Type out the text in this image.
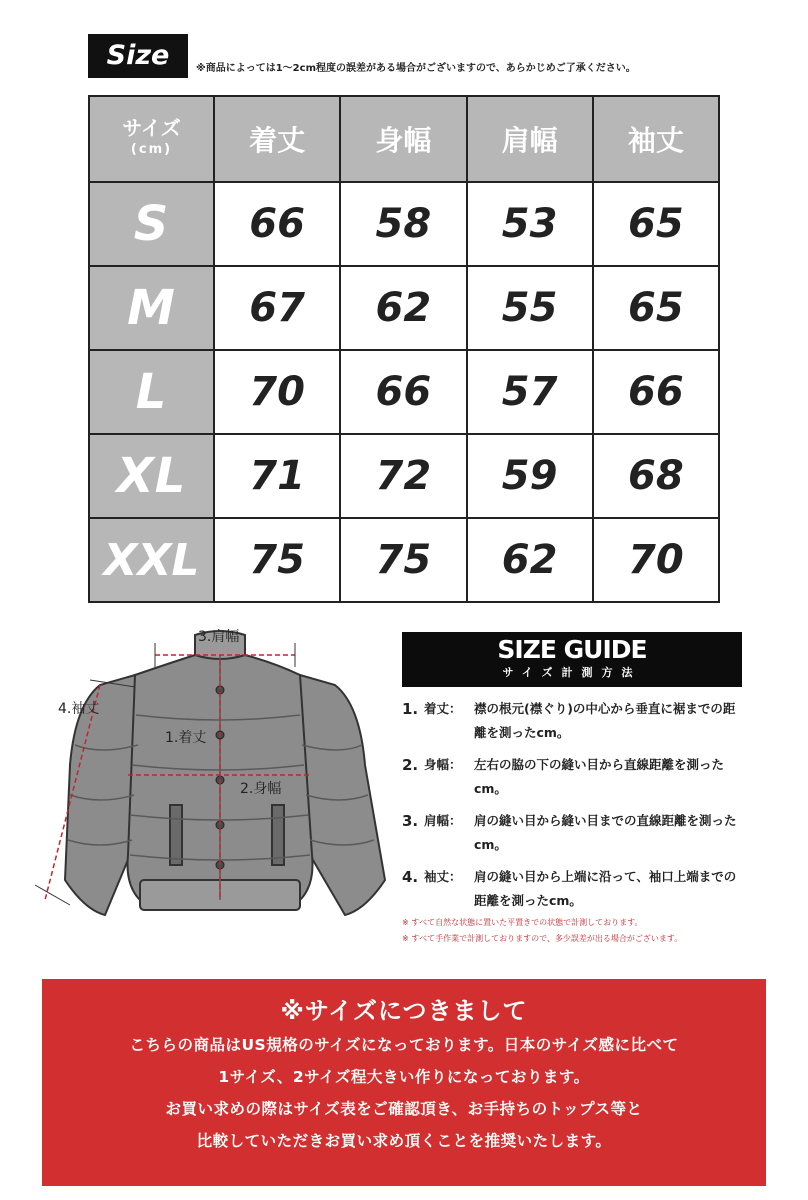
Size	※商品によっては1～2cm程度の誤差がある場合がございますので、あらかじめご了承ください。
サイズ
(cm)	着丈	身幅	肩幅	袖丈
S	66	58	53	65
M	67	62	55	65
L	70	66	57	66
XL	71	72	59	68
XXL	75	75	62	70
3.肩幅
4.袖丈
1.着丈
2.身幅
SIZE GUIDE
サイズ計測方法
1. 着丈： 襟の根元(襟ぐり)の中心から垂直に裾までの距離を測ったcm。
2. 身幅： 左右の脇の下の縫い目から直線距離を測ったcm。
3. 肩幅： 肩の縫い目から縫い目までの直線距離を測ったcm。
4. 袖丈： 肩の縫い目から上端に沿って、袖口上端までの距離を測ったcm。
※ すべて自然な状態に置いた平置きでの状態で計測しております。
※ すべて手作業で計測しておりますので、多少誤差が出る場合がございます。
※サイズにつきまして
こちらの商品はUS規格のサイズになっております。日本のサイズ感に比べて
1サイズ、2サイズ程大きい作りになっております。
お買い求めの際はサイズ表をご確認頂き、お手持ちのトップス等と
比較していただきお買い求め頂くことを推奨いたします。
